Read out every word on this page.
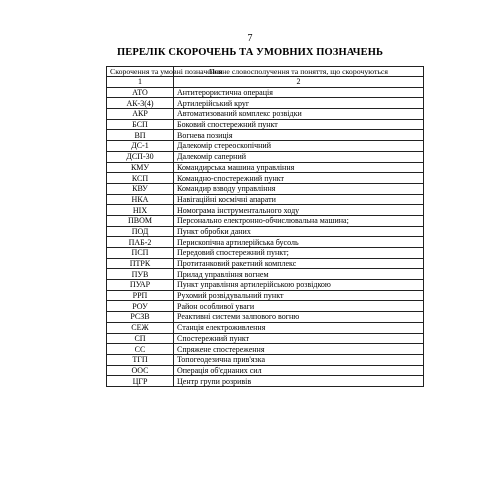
7
ПЕРЕЛІК СКОРОЧЕНЬ ТА УМОВНИХ ПОЗНАЧЕНЬ
Скорочення та умовні позначення	Повне словосполучення та поняття, що скорочуються
1	2
АТО	Антитерористична операція
АК-3(4)	Артилерійський круг
АКР	Автоматизований комплекс розвідки
БСП	Боковий спостережний пункт
ВП	Вогнева позиція
ДС-1	Далекомір стереоскопічний
ДСП-30	Далекомір саперний
КМУ	Командирська машина управління
КСП	Командно-спостережний пункт
КВУ	Командир взводу управління
НКА	Навігаційні космічні апарати
НІХ	Номограма інструментального ходу
ПВОМ	Персонально електронно-обчислювальна машина;
ПОД	Пункт обробки даних
ПАБ-2	Перископічна артилерійська бусоль
ПСП	Передовий спостережний пункт;
ПТРК	Протитанковий ракетний комплекс
ПУВ	Прилад управління вогнем
ПУАР	Пункт управління артилерійською розвідкою
РРП	Рухомий розвідувальний пункт
РОУ	Район особливої уваги
РСЗВ	Реактивні системи залпового вогню
СЕЖ	Станція електроживлення
СП	Спостережний пункт
СС	Спряжене спостереження
ТГП	Топогеодезична прив'язка
ООС	Операція об'єднаних сил
ЦГР	Центр групи розривів
